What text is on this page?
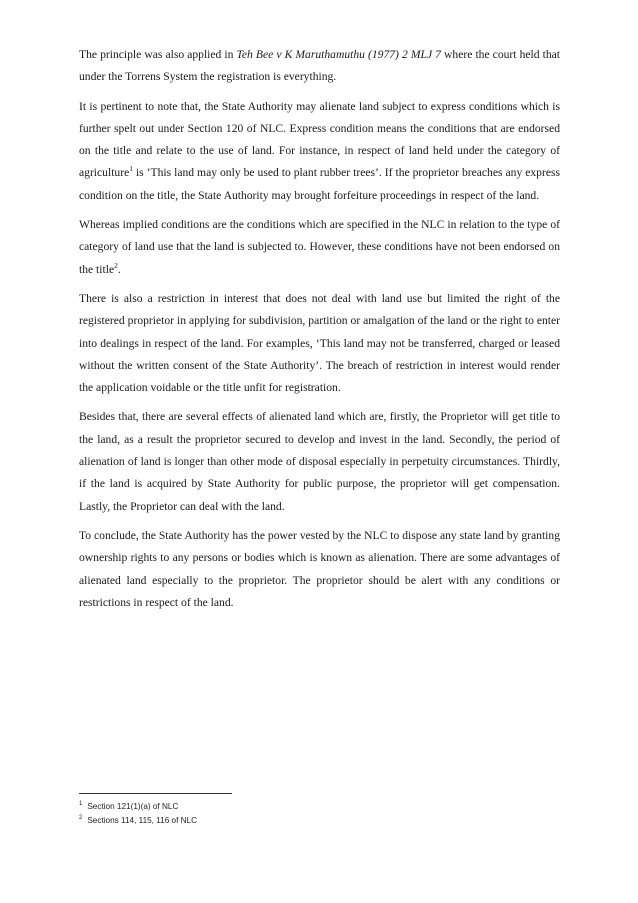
The principle was also applied in Teh Bee v K Maruthamuthu (1977) 2 MLJ 7 where the court held that under the Torrens System the registration is everything.

It is pertinent to note that, the State Authority may alienate land subject to express conditions which is further spelt out under Section 120 of NLC. Express condition means the conditions that are endorsed on the title and relate to the use of land. For instance, in respect of land held under the category of agriculture$^1$ is ‘This land may only be used to plant rubber trees’. If the proprietor breaches any express condition on the title, the State Authority may brought forfeiture proceedings in respect of the land.

Whereas implied conditions are the conditions which are specified in the NLC in relation to the type of category of land use that the land is subjected to. However, these conditions have not been endorsed on the title$^2$.

There is also a restriction in interest that does not deal with land use but limited the right of the registered proprietor in applying for subdivision, partition or amalgation of the land or the right to enter into dealings in respect of the land. For examples, ‘This land may not be transferred, charged or leased without the written consent of the State Authority’. The breach of restriction in interest would render the application voidable or the title unfit for registration.

Besides that, there are several effects of alienated land which are, firstly, the Proprietor will get title to the land, as a result the proprietor secured to develop and invest in the land. Secondly, the period of alienation of land is longer than other mode of disposal especially in perpetuity circumstances. Thirdly, if the land is acquired by State Authority for public purpose, the proprietor will get compensation. Lastly, the Proprietor can deal with the land.

To conclude, the State Authority has the power vested by the NLC to dispose any state land by granting ownership rights to any persons or bodies which is known as alienation. There are some advantages of alienated land especially to the proprietor. The proprietor should be alert with any conditions or restrictions in respect of the land.

$^1$ Section 121(1)(a) of NLC
$^2$ Sections 114, 115, 116 of NLC
